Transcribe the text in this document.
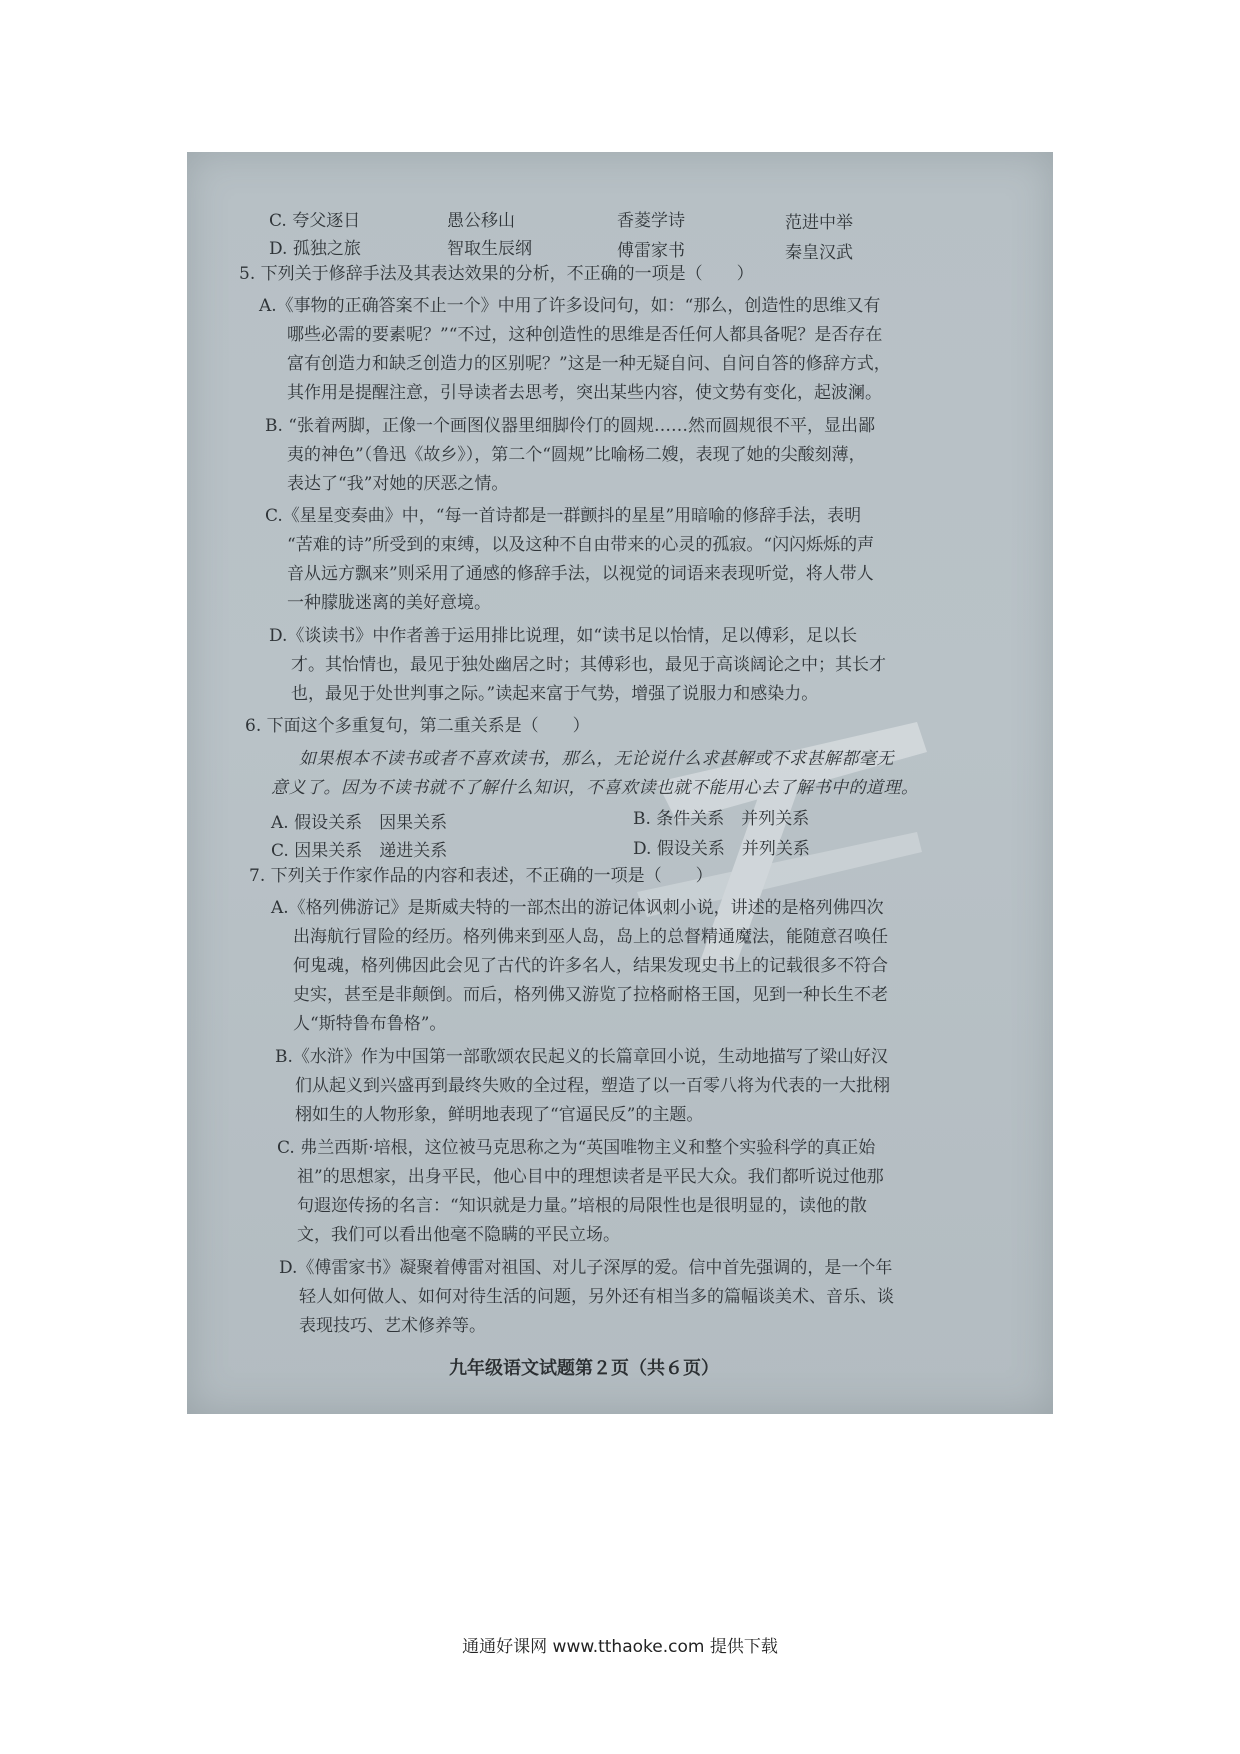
C. 夸父逐日	愚公移山	香菱学诗	范进中举
D. 孤独之旅	智取生辰纲	傅雷家书	秦皇汉武
5. 下列关于修辞手法及其表达效果的分析，不正确的一项是（　　）
A.《事物的正确答案不止一个》中用了许多设问句，如：“那么，创造性的思维又有
哪些必需的要素呢？”“不过，这种创造性的思维是否任何人都具备呢？是否存在
富有创造力和缺乏创造力的区别呢？”这是一种无疑自问、自问自答的修辞方式，
其作用是提醒注意，引导读者去思考，突出某些内容，使文势有变化，起波澜。
B. “张着两脚，正像一个画图仪器里细脚伶仃的圆规……然而圆规很不平，显出鄙
夷的神色”（鲁迅《故乡》），第二个“圆规”比喻杨二嫂，表现了她的尖酸刻薄，
表达了“我”对她的厌恶之情。
C.《星星变奏曲》中，“每一首诗都是一群颤抖的星星”用暗喻的修辞手法，表明
“苦难的诗”所受到的束缚，以及这种不自由带来的心灵的孤寂。“闪闪烁烁的声
音从远方飘来”则采用了通感的修辞手法，以视觉的词语来表现听觉，将人带人
一种朦胧迷离的美好意境。
D.《谈读书》中作者善于运用排比说理，如“读书足以怡情，足以傅彩，足以长
才。其怡情也，最见于独处幽居之时；其傅彩也，最见于高谈阔论之中；其长才
也，最见于处世判事之际。”读起来富于气势，增强了说服力和感染力。
6. 下面这个多重复句，第二重关系是（　　）
如果根本不读书或者不喜欢读书，那么，无论说什么求甚解或不求甚解都毫无
意义了。因为不读书就不了解什么知识，不喜欢读也就不能用心去了解书中的道理。
A. 假设关系　因果关系	B. 条件关系　并列关系
C. 因果关系　递进关系	D. 假设关系　并列关系
7. 下列关于作家作品的内容和表述，不正确的一项是（　　）
A.《格列佛游记》是斯威夫特的一部杰出的游记体讽刺小说，讲述的是格列佛四次
出海航行冒险的经历。格列佛来到巫人岛，岛上的总督精通魔法，能随意召唤任
何鬼魂，格列佛因此会见了古代的许多名人，结果发现史书上的记载很多不符合
史实，甚至是非颠倒。而后，格列佛又游览了拉格耐格王国，见到一种长生不老
人“斯特鲁布鲁格”。
B.《水浒》作为中国第一部歌颂农民起义的长篇章回小说，生动地描写了梁山好汉
们从起义到兴盛再到最终失败的全过程，塑造了以一百零八将为代表的一大批栩
栩如生的人物形象，鲜明地表现了“官逼民反”的主题。
C. 弗兰西斯·培根，这位被马克思称之为“英国唯物主义和整个实验科学的真正始
祖”的思想家，出身平民，他心目中的理想读者是平民大众。我们都听说过他那
句遐迩传扬的名言：“知识就是力量。”培根的局限性也是很明显的，读他的散
文，我们可以看出他毫不隐瞒的平民立场。
D.《傅雷家书》凝聚着傅雷对祖国、对儿子深厚的爱。信中首先强调的，是一个年
轻人如何做人、如何对待生活的问题，另外还有相当多的篇幅谈美术、音乐、谈
表现技巧、艺术修养等。
九年级语文试题第２页（共６页）
通通好课网 www.tthaoke.com 提供下载
